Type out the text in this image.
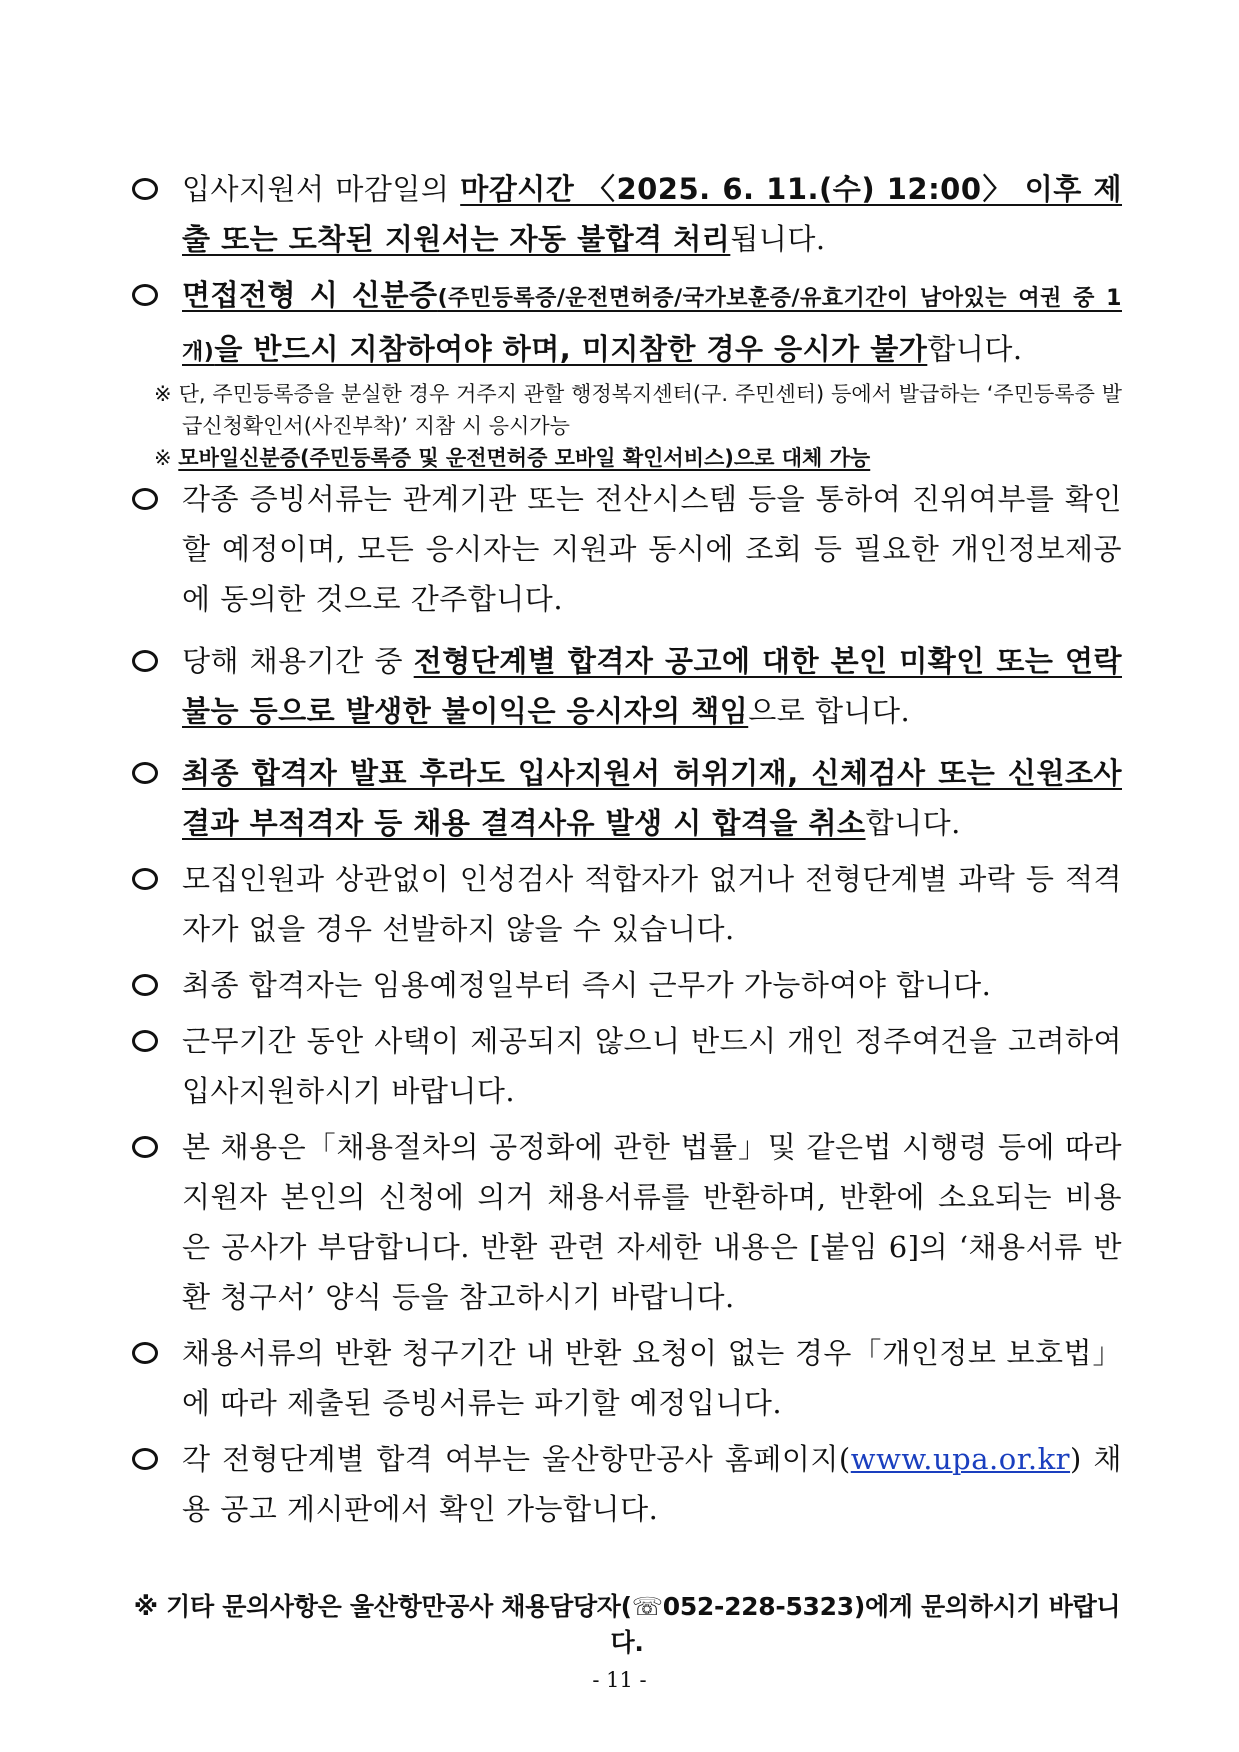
입사지원서 마감일의 마감시간 〈2025. 6. 11.(수) 12:00〉 이후 제출 또는 도착된 지원서는 자동 불합격 처리됩니다.
면접전형 시 신분증(주민등록증/운전면허증/국가보훈증/유효기간이 남아있는 여권 중 1개)을 반드시 지참하여야 하며, 미지참한 경우 응시가 불가합니다.
※ 단, 주민등록증을 분실한 경우 거주지 관할 행정복지센터(구. 주민센터) 등에서 발급하는 ‘주민등록증 발급신청확인서(사진부착)’ 지참 시 응시가능
※ 모바일신분증(주민등록증 및 운전면허증 모바일 확인서비스)으로 대체 가능
각종 증빙서류는 관계기관 또는 전산시스템 등을 통하여 진위여부를 확인할 예정이며, 모든 응시자는 지원과 동시에 조회 등 필요한 개인정보제공에 동의한 것으로 간주합니다.
당해 채용기간 중 전형단계별 합격자 공고에 대한 본인 미확인 또는 연락불능 등으로 발생한 불이익은 응시자의 책임으로 합니다.
최종 합격자 발표 후라도 입사지원서 허위기재, 신체검사 또는 신원조사 결과 부적격자 등 채용 결격사유 발생 시 합격을 취소합니다.
모집인원과 상관없이 인성검사 적합자가 없거나 전형단계별 과락 등 적격자가 없을 경우 선발하지 않을 수 있습니다.
최종 합격자는 임용예정일부터 즉시 근무가 가능하여야 합니다.
근무기간 동안 사택이 제공되지 않으니 반드시 개인 정주여건을 고려하여 입사지원하시기 바랍니다.
본 채용은「채용절차의 공정화에 관한 법률」및 같은법 시행령 등에 따라 지원자 본인의 신청에 의거 채용서류를 반환하며, 반환에 소요되는 비용은 공사가 부담합니다. 반환 관련 자세한 내용은 [붙임 6]의 ‘채용서류 반환 청구서’ 양식 등을 참고하시기 바랍니다.
채용서류의 반환 청구기간 내 반환 요청이 없는 경우「개인정보 보호법」에 따라 제출된 증빙서류는 파기할 예정입니다.
각 전형단계별 합격 여부는 울산항만공사 홈페이지(www.upa.or.kr) 채용 공고 게시판에서 확인 가능합니다.
※ 기타 문의사항은 울산항만공사 채용담당자(☏052-228-5323)에게 문의하시기 바랍니다.
- 11 -
